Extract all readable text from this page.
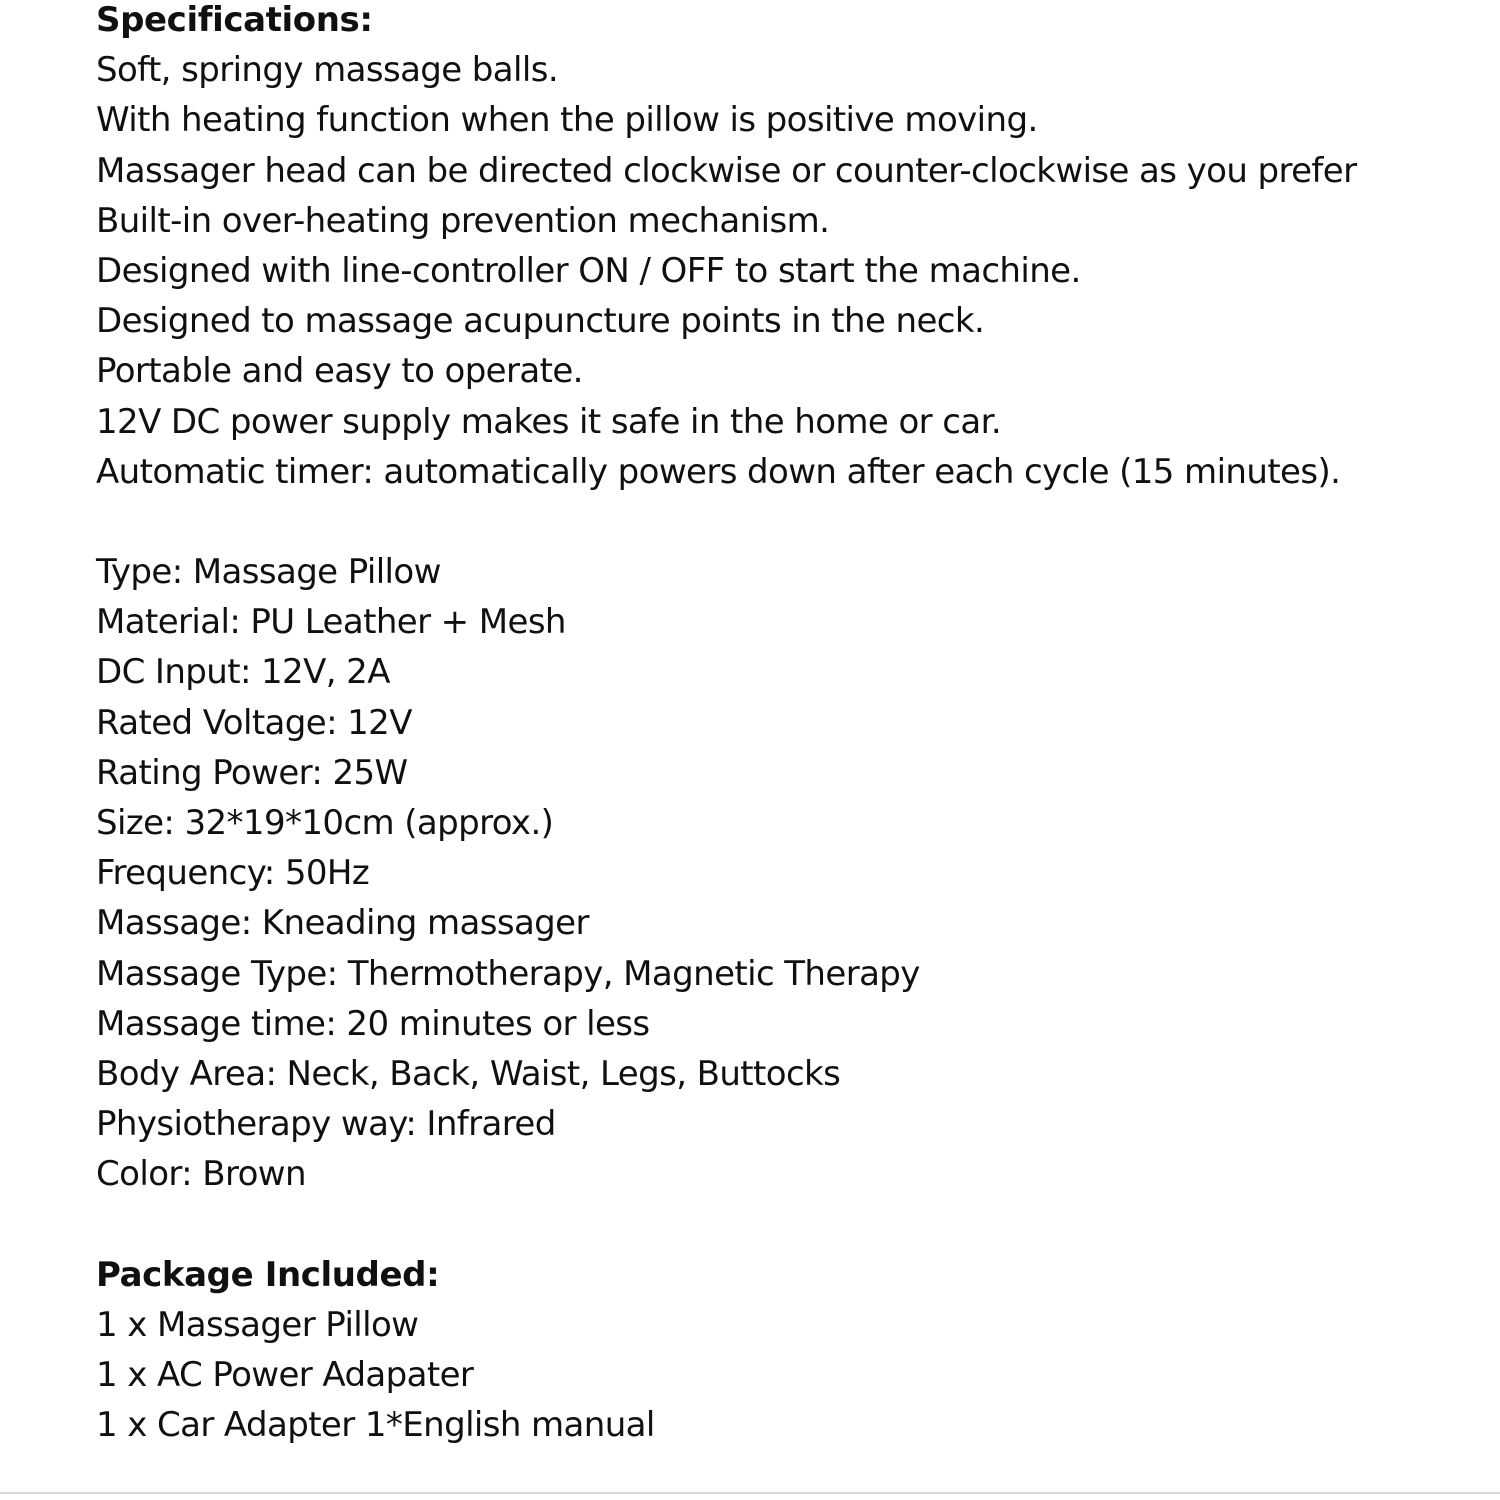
Specifications:
Soft, springy massage balls.
With heating function when the pillow is positive moving.
Massager head can be directed clockwise or counter-clockwise as you prefer
Built-in over-heating prevention mechanism.
Designed with line-controller ON / OFF to start the machine.
Designed to massage acupuncture points in the neck.
Portable and easy to operate.
12V DC power supply makes it safe in the home or car.
Automatic timer: automatically powers down after each cycle (15 minutes).
Type: Massage Pillow
Material: PU Leather + Mesh
DC Input: 12V, 2A
Rated Voltage: 12V
Rating Power: 25W
Size: 32*19*10cm (approx.)
Frequency: 50Hz
Massage: Kneading massager
Massage Type: Thermotherapy, Magnetic Therapy
Massage time: 20 minutes or less
Body Area: Neck, Back, Waist, Legs, Buttocks
Physiotherapy way: Infrared
Color: Brown
Package Included:
1 x Massager Pillow
1 x AC Power Adapater
1 x Car Adapter 1*English manual
